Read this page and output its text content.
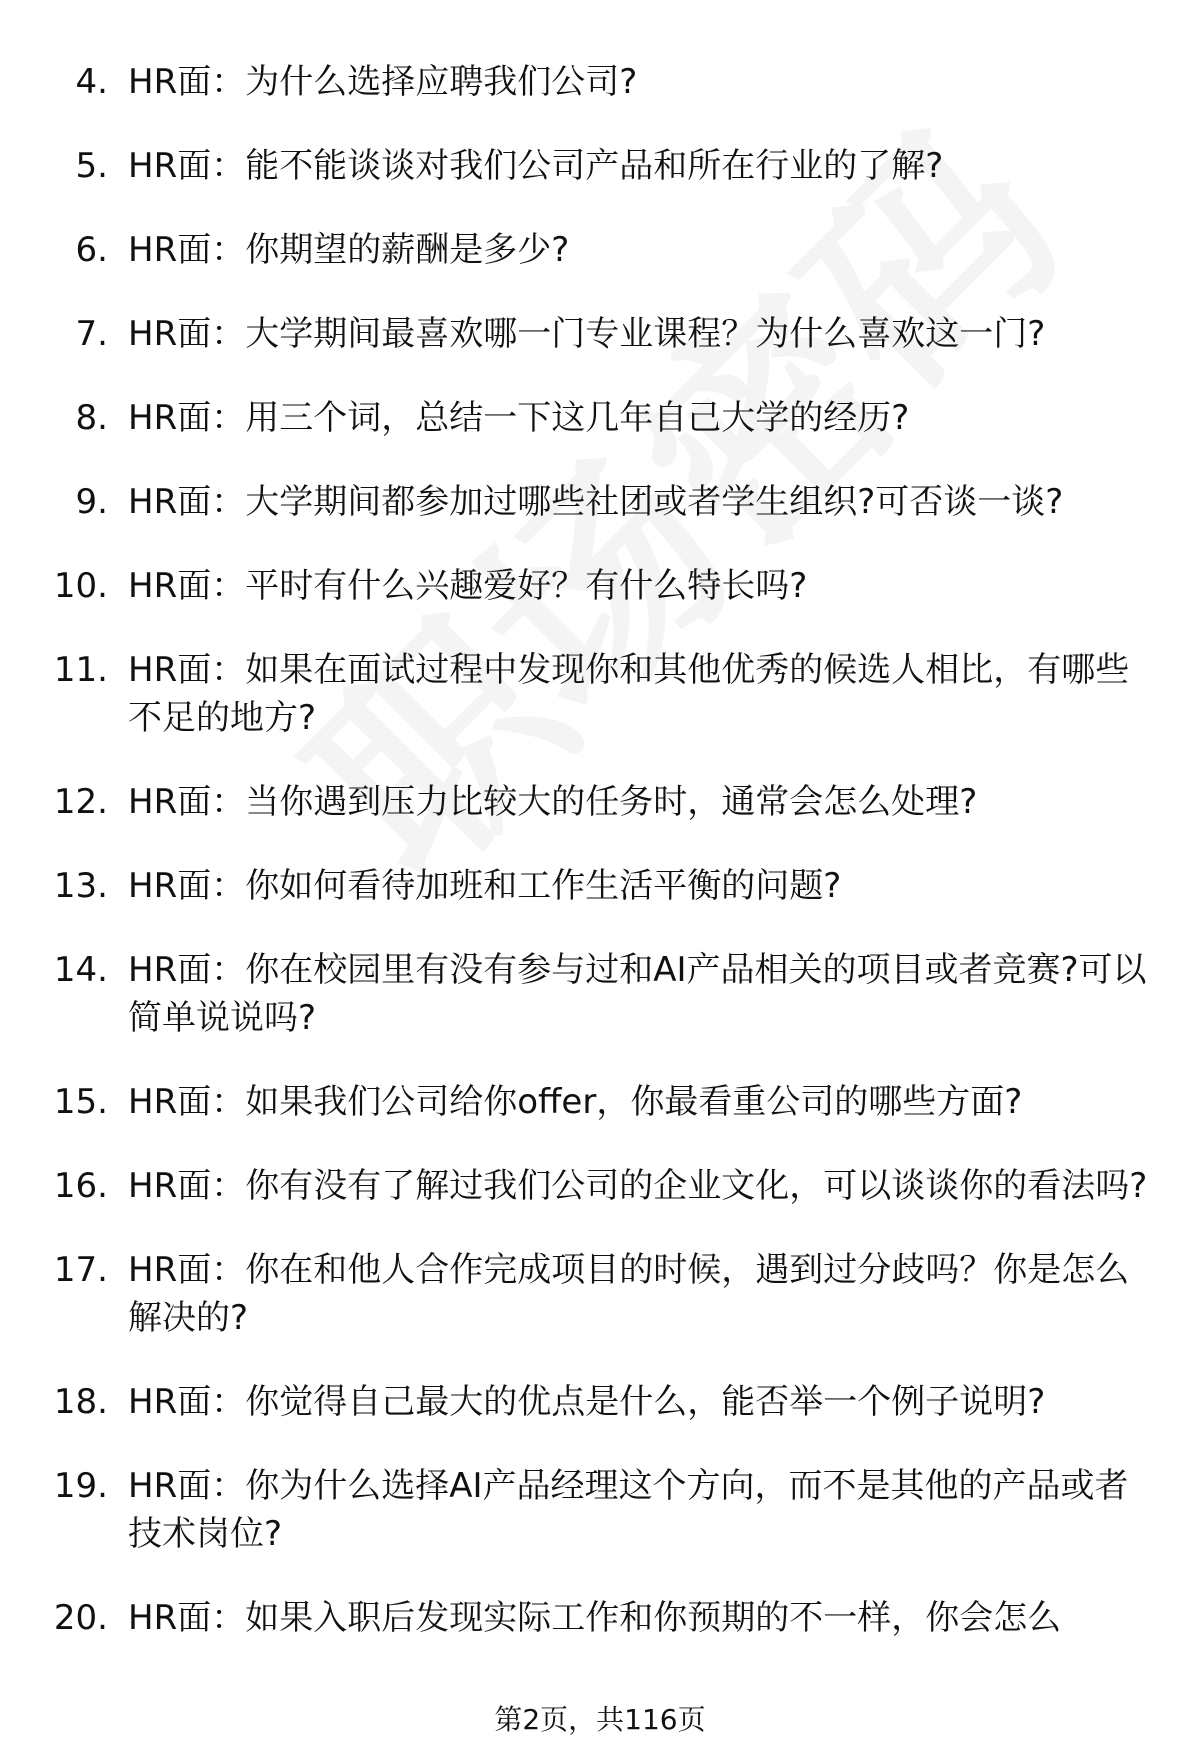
4. HR面：为什么选择应聘我们公司?
5. HR面：能不能谈谈对我们公司产品和所在行业的了解?
6. HR面：你期望的薪酬是多少?
7. HR面：大学期间最喜欢哪一门专业课程？为什么喜欢这一门?
8. HR面：用三个词，总结一下这几年自己大学的经历?
9. HR面：大学期间都参加过哪些社团或者学生组织?可否谈一谈?
10. HR面：平时有什么兴趣爱好？有什么特长吗?
11. HR面：如果在面试过程中发现你和其他优秀的候选人相比，有哪些不足的地方?
12. HR面：当你遇到压力比较大的任务时，通常会怎么处理?
13. HR面：你如何看待加班和工作生活平衡的问题?
14. HR面：你在校园里有没有参与过和AI产品相关的项目或者竞赛?可以简单说说吗?
15. HR面：如果我们公司给你offer，你最看重公司的哪些方面?
16. HR面：你有没有了解过我们公司的企业文化，可以谈谈你的看法吗?
17. HR面：你在和他人合作完成项目的时候，遇到过分歧吗？你是怎么解决的?
18. HR面：你觉得自己最大的优点是什么，能否举一个例子说明?
19. HR面：你为什么选择AI产品经理这个方向，而不是其他的产品或者技术岗位?
20. HR面：如果入职后发现实际工作和你预期的不一样，你会怎么
第2页，共116页
